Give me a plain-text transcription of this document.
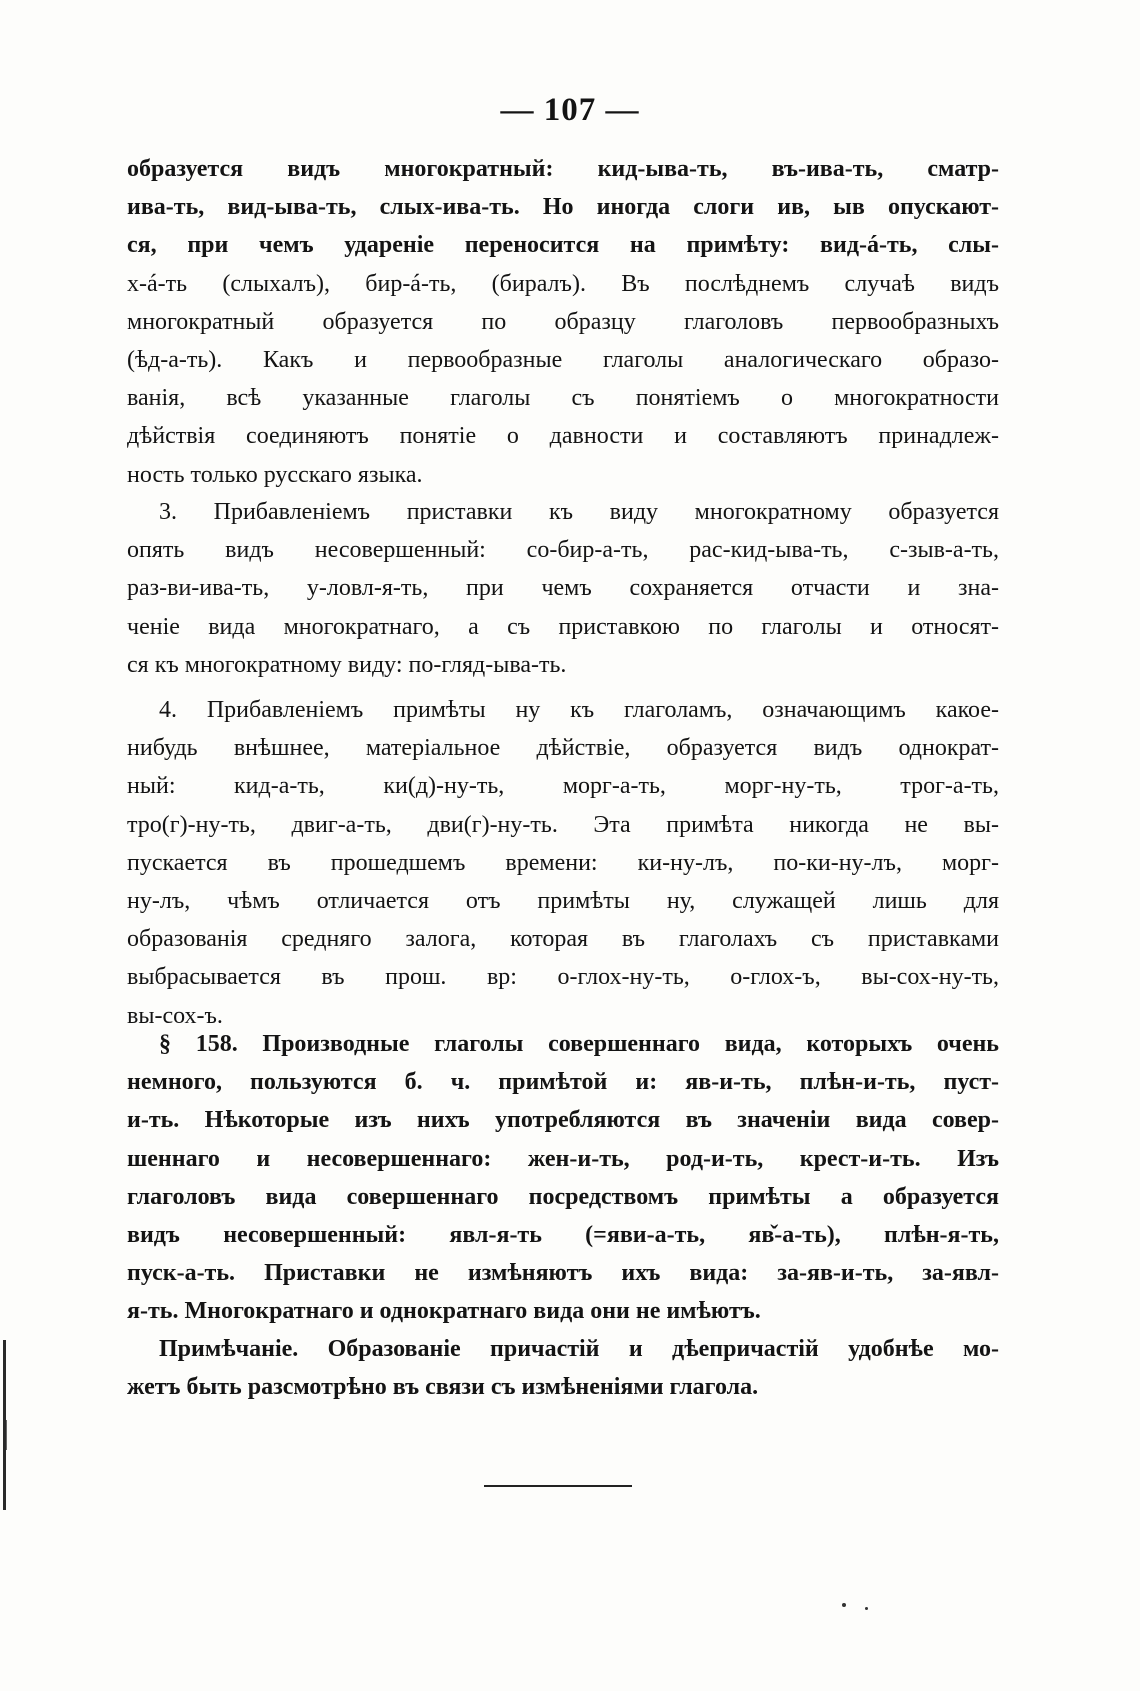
— 107 —
образуется видъ многократный: кид-ыва-ть, въ-ива-ть, сматр-
ива-ть, вид-ыва-ть, слых-ива-ть. Но иногда слоги ив, ыв опускают-
ся, при чемъ удареніе переносится на примѣту: вид-á-ть, слы-
х-á-ть (слыхалъ), бир-á-ть, (биралъ). Въ послѣднемъ случаѣ видъ
многократный образуется по образцу глаголовъ первообразныхъ
(ѣд-а-ть). Какъ и первообразные глаголы аналогическаго образо-
ванія, всѣ указанные глаголы съ понятіемъ о многократности
дѣйствія соединяютъ понятіе о давности и составляютъ принадлеж-
ность только русскаго языка.
3. Прибавленіемъ приставки къ виду многократному образуется
опять видъ несовершенный: со-бир-а-ть, рас-кид-ыва-ть, с-зыв-а-ть,
раз-ви-ива-ть, у-ловл-я-ть, при чемъ сохраняется отчасти и зна-
ченіе вида многократнаго, а съ приставкою по глаголы и относят-
ся къ многократному виду: по-гляд-ыва-ть.
4. Прибавленіемъ примѣты ну къ глаголамъ, означающимъ какое-
нибудь внѣшнее, матеріальное дѣйствіе, образуется видъ однократ-
ный: кид-а-ть, ки(д)-ну-ть, морг-а-ть, морг-ну-ть, трог-а-ть,
тро(г)-ну-ть, двиг-а-ть, дви(г)-ну-ть. Эта примѣта никогда не вы-
пускается въ прошедшемъ времени: ки-ну-лъ, по-ки-ну-лъ, морг-
ну-лъ, чѣмъ отличается отъ примѣты ну, служащей лишь для
образованія средняго залога, которая въ глаголахъ съ приставками
выбрасывается въ прош. вр: о-глох-ну-ть, о-глох-ъ, вы-сох-ну-ть,
вы-сох-ъ.
§ 158. Производные глаголы совершеннаго вида, которыхъ очень
немного, пользуются б. ч. примѣтой и: яв-и-ть, плѣн-и-ть, пуст-
и-ть. Нѣкоторые изъ нихъ употребляются въ значеніи вида совер-
шеннаго и несовершеннаго: жен-и-ть, род-и-ть, крест-и-ть. Изъ
глаголовъ вида совершеннаго посредствомъ примѣты а образуется
видъ несовершенный: явл-я-ть (=яви-а-ть, яв̌-а-ть), плѣн-я-ть,
пуск-а-ть. Приставки не измѣняютъ ихъ вида: за-яв-и-ть, за-явл-
я-ть. Многократнаго и однократнаго вида они не имѣютъ.
Примѣчаніе. Образованіе причастій и дѣепричастій удобнѣе мо-
жетъ быть разсмотрѣно въ связи съ измѣненіями глагола.
